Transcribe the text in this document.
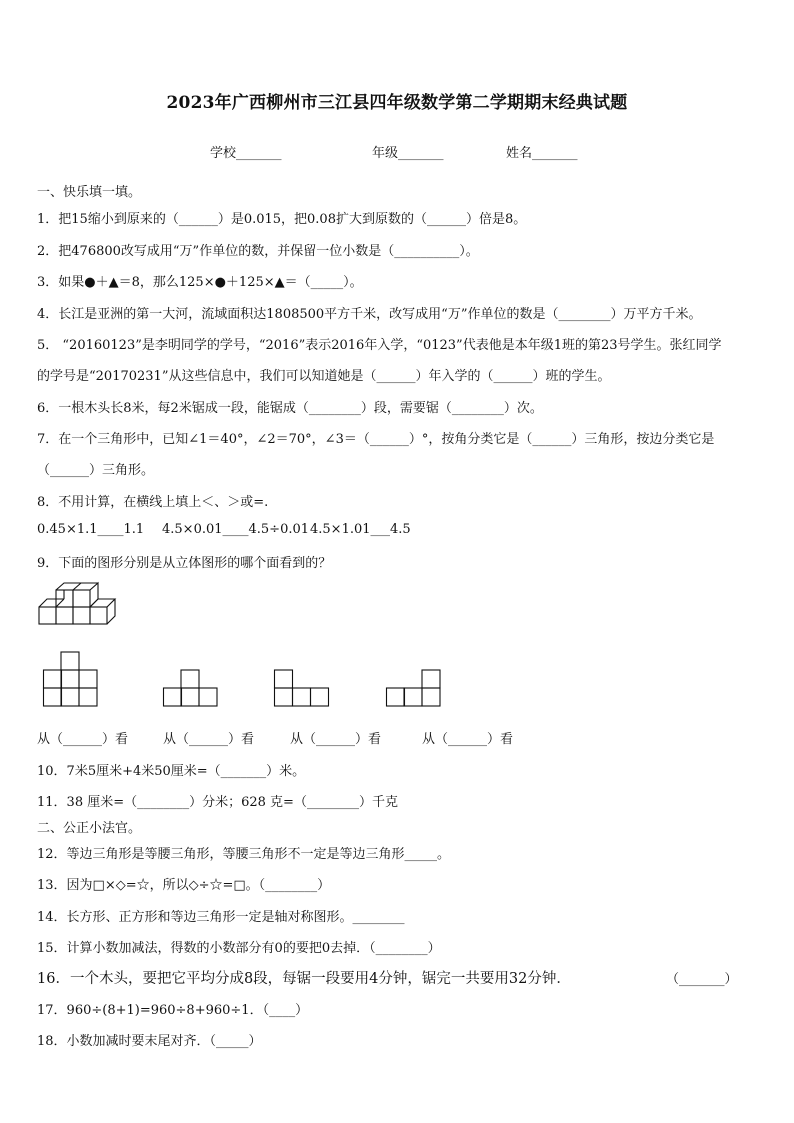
2023年广西柳州市三江县四年级数学第二学期期末经典试题
学校_______	年级_______	姓名_______
一、快乐填一填。
1．把15缩小到原来的（______）是0.015，把0.08扩大到原数的（______）倍是8。
2．把476800改写成用“万”作单位的数，并保留一位小数是（__________）。
3．如果●＋▲＝8，那么125×●＋125×▲＝（_____）。
4．长江是亚洲的第一大河，流域面积达1808500平方千米，改写成用“万”作单位的数是（________）万平方千米。
5． “20160123”是李明同学的学号，“2016”表示2016年入学，“0123”代表他是本年级1班的第23号学生。张红同学
的学号是“20170231”从这些信息中，我们可以知道她是（______）年入学的（______）班的学生。
6．一根木头长8米，每2米锯成一段，能锯成（________）段，需要锯（________）次。
7．在一个三角形中，已知∠1＝40°，∠2＝70°，∠3＝（______）°，按角分类它是（______）三角形，按边分类它是
（______）三角形。
8．不用计算，在横线上填上＜、＞或=.
0.45×1.1____1.1 4.5×0.01____4.5÷0.01 4.5×1.01___4.5
9．下面的图形分别是从立体图形的哪个面看到的？
从（______）看	从（______）看	从（______）看	从（______）看
10．7米5厘米+4米50厘米=（_______）米。
11．38 厘米=（________）分米；628 克=（________）千克
二、公正小法官。
12．等边三角形是等腰三角形，等腰三角形不一定是等边三角形_____。
13．因为□×◇=☆，所以◇÷☆=□。（________）
14．长方形、正方形和等边三角形一定是轴对称图形。________
15．计算小数加减法，得数的小数部分有0的要把0去掉．（________）
16．一个木头，要把它平均分成8段，每锯一段要用4分钟，锯完一共要用32分钟．	（_______）
17．960÷(8+1)=960÷8+960÷1．（____）
18．小数加减时要末尾对齐．（_____）
